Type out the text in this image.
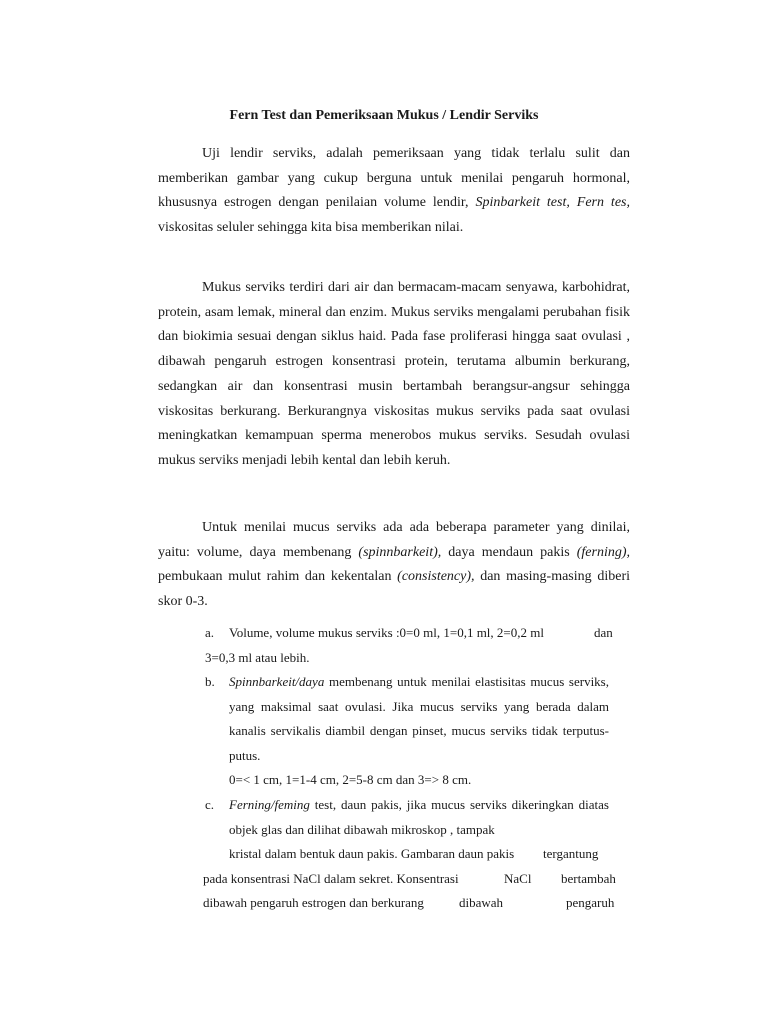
Fern Test dan Pemeriksaan Mukus / Lendir Serviks

Uji lendir serviks, adalah pemeriksaan yang tidak terlalu sulit dan memberikan gambar yang cukup berguna untuk menilai pengaruh hormonal, khususnya estrogen dengan penilaian volume lendir, Spinbarkeit test, Fern tes, viskositas seluler sehingga kita bisa memberikan nilai.

Mukus serviks terdiri dari air dan bermacam-macam senyawa, karbohidrat, protein, asam lemak, mineral dan enzim. Mukus serviks mengalami perubahan fisik dan biokimia sesuai dengan siklus haid. Pada fase proliferasi hingga saat ovulasi , dibawah pengaruh estrogen konsentrasi protein, terutama albumin berkurang, sedangkan air dan konsentrasi musin bertambah berangsur-angsur sehingga viskositas berkurang. Berkurangnya viskositas mukus serviks pada saat ovulasi meningkatkan kemampuan sperma menerobos mukus serviks. Sesudah ovulasi mukus serviks menjadi lebih kental dan lebih keruh.

Untuk menilai mucus serviks ada ada beberapa parameter yang dinilai, yaitu: volume, daya membenang (spinnbarkeit), daya mendaun pakis (ferning), pembukaan mulut rahim dan kekentalan (consistency), dan masing-masing diberi skor 0-3.

a. Volume, volume mukus serviks :0=0 ml, 1=0,1 ml, 2=0,2 ml	dan
3=0,3 ml atau lebih.
b. Spinnbarkeit/daya membenang untuk menilai elastisitas mucus serviks, yang maksimal saat ovulasi. Jika mucus serviks yang berada dalam kanalis servikalis diambil dengan pinset, mucus serviks tidak terputus-putus.

0=< 1 cm, 1=1-4 cm, 2=5-8 cm dan 3=> 8 cm.
c. Ferning/feming test, daun pakis, jika mucus serviks dikeringkan diatas objek glas dan dilihat dibawah mikroskop , tampak

kristal dalam bentuk daun pakis. Gambaran daun pakis tergantung
pada konsentrasi NaCl dalam sekret. Konsentrasi	NaCl bertambah
dibawah pengaruh estrogen dan berkurang	dibawah	pengaruh
